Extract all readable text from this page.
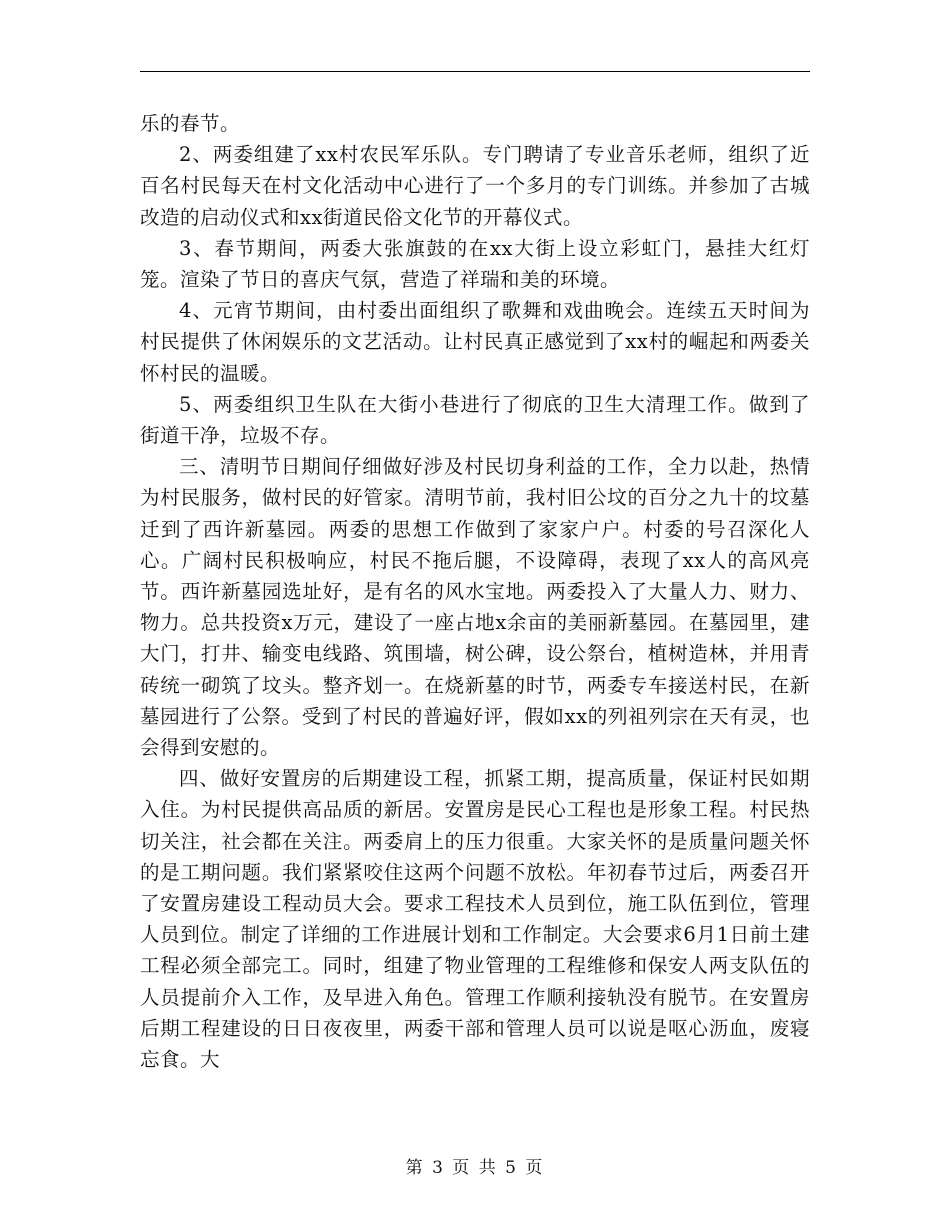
乐的春节。

2、两委组建了xx村农民军乐队。专门聘请了专业音乐老师，组织了近百名村民每天在村文化活动中心进行了一个多月的专门训练。并参加了古城改造的启动仪式和xx街道民俗文化节的开幕仪式。

3、春节期间，两委大张旗鼓的在xx大街上设立彩虹门，悬挂大红灯笼。渲染了节日的喜庆气氛，营造了祥瑞和美的环境。

4、元宵节期间，由村委出面组织了歌舞和戏曲晚会。连续五天时间为村民提供了休闲娱乐的文艺活动。让村民真正感觉到了xx村的崛起和两委关怀村民的温暖。

5、两委组织卫生队在大街小巷进行了彻底的卫生大清理工作。做到了街道干净，垃圾不存。

三、清明节日期间仔细做好涉及村民切身利益的工作，全力以赴，热情为村民服务，做村民的好管家。清明节前，我村旧公坟的百分之九十的坟墓迁到了西许新墓园。两委的思想工作做到了家家户户。村委的号召深化人心。广阔村民积极响应，村民不拖后腿，不设障碍，表现了xx人的高风亮节。西许新墓园选址好，是有名的风水宝地。两委投入了大量人力、财力、物力。总共投资x万元，建设了一座占地x余亩的美丽新墓园。在墓园里，建大门，打井、输变电线路、筑围墙，树公碑，设公祭台，植树造林，并用青砖统一砌筑了坟头。整齐划一。在烧新墓的时节，两委专车接送村民，在新墓园进行了公祭。受到了村民的普遍好评，假如xx的列祖列宗在天有灵，也会得到安慰的。

四、做好安置房的后期建设工程，抓紧工期，提高质量，保证村民如期入住。为村民提供高品质的新居。安置房是民心工程也是形象工程。村民热切关注，社会都在关注。两委肩上的压力很重。大家关怀的是质量问题关怀的是工期问题。我们紧紧咬住这两个问题不放松。年初春节过后，两委召开了安置房建设工程动员大会。要求工程技术人员到位，施工队伍到位，管理人员到位。制定了详细的工作进展计划和工作制定。大会要求6月1日前土建工程必须全部完工。同时，组建了物业管理的工程维修和保安人两支队伍的人员提前介入工作，及早进入角色。管理工作顺利接轨没有脱节。在安置房后期工程建设的日日夜夜里，两委干部和管理人员可以说是呕心沥血，废寝忘食。大

第 3 页 共 5 页
